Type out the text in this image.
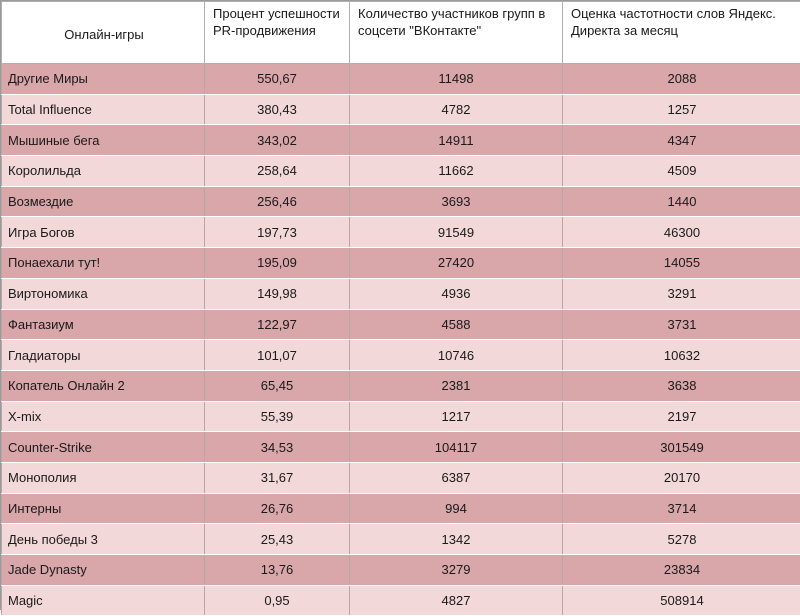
Онлайн-игры	Процент успешности PR-продвижения	Количество участников групп в соцсети "ВКонтакте"	Оценка частотности слов Яндекс. Директа за месяц
Другие Миры	550,67	11498	2088
Total Influence	380,43	4782	1257
Мышиные бега	343,02	14911	4347
Королильда	258,64	11662	4509
Возмездие	256,46	3693	1440
Игра Богов	197,73	91549	46300
Понаехали тут!	195,09	27420	14055
Виртономика	149,98	4936	3291
Фантазиум	122,97	4588	3731
Гладиаторы	101,07	10746	10632
Копатель Онлайн 2	65,45	2381	3638
X-mix	55,39	1217	2197
Counter-Strike	34,53	104117	301549
Монополия	31,67	6387	20170
Интерны	26,76	994	3714
День победы 3	25,43	1342	5278
Jade Dynasty	13,76	3279	23834
Magic	0,95	4827	508914
